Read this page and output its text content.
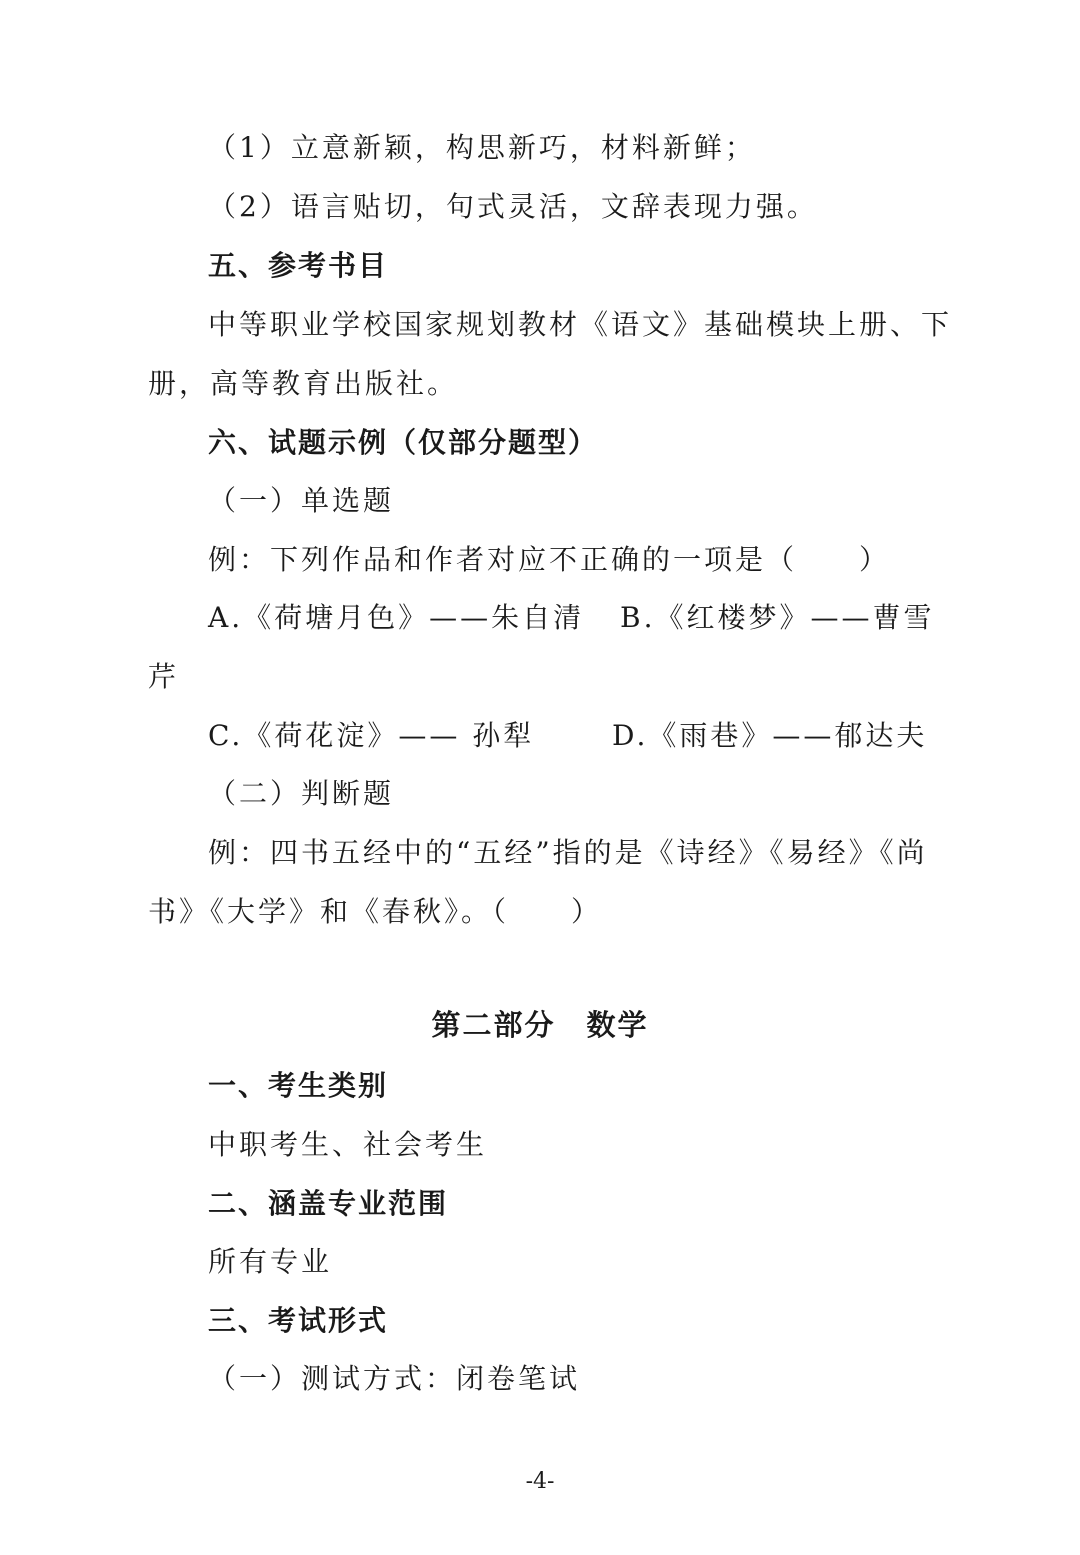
（1）立意新颖，构思新巧，材料新鲜；
（2）语言贴切，句式灵活，文辞表现力强。
五、参考书目
中等职业学校国家规划教材《语文》基础模块上册、下
册，高等教育出版社。
六、试题示例（仅部分题型）
（一）单选题
例：下列作品和作者对应不正确的一项是（　　）
A.《荷塘月色》——朱自清 B.《红楼梦》——曹雪
芹
C.《荷花淀》—— 孙犁	D.《雨巷》——郁达夫
（二）判断题
例：四书五经中的“五经”指的是《诗经》《易经》《尚
书》《大学》和《春秋》。（　　）
第二部分　数学
一、考生类别
中职考生、社会考生
二、涵盖专业范围
所有专业
三、考试形式
（一）测试方式：闭卷笔试
-4-
